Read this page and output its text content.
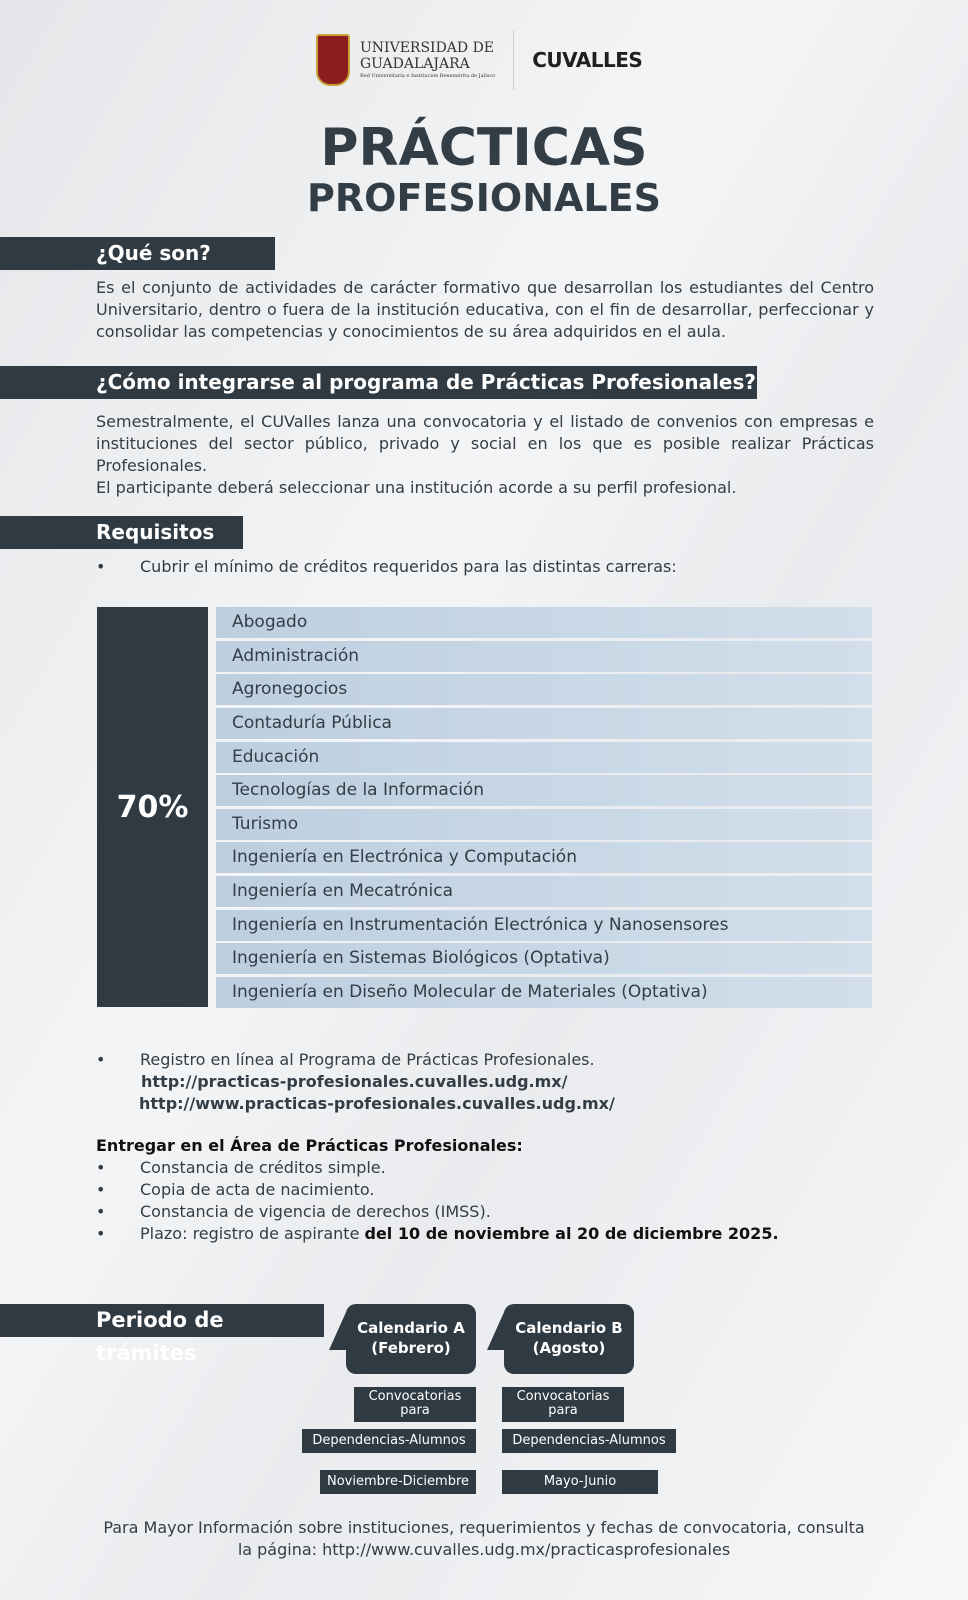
UNIVERSIDAD DE
GUADALAJARA
Red Universitaria e Institución Benemérita de Jalisco
CUVALLES
PRÁCTICAS
PROFESIONALES
¿Qué son?
Es el conjunto de actividades de carácter formativo que desarrollan los estudiantes del Centro Universitario, dentro o fuera de la institución educativa, con el fin de desarrollar, perfeccionar y consolidar las competencias y conocimientos de su área adquiridos en el aula.
¿Cómo integrarse al programa de Prácticas Profesionales?
Semestralmente, el CUValles lanza una convocatoria y el listado de convenios con empresas e instituciones del sector público, privado y social en los que es posible realizar Prácticas Profesionales.
El participante deberá seleccionar una institución acorde a su perfil profesional.
Requisitos
• Cubrir el mínimo de créditos requeridos para las distintas carreras:
70%
Abogado
Administración
Agronegocios
Contaduría Pública
Educación
Tecnologías de la Información
Turismo
Ingeniería en Electrónica y Computación
Ingeniería en Mecatrónica
Ingeniería en Instrumentación Electrónica y Nanosensores
Ingeniería en Sistemas Biológicos (Optativa)
Ingeniería en Diseño Molecular de Materiales (Optativa)
• Registro en línea al Programa de Prácticas Profesionales.
http://practicas-profesionales.cuvalles.udg.mx/
http://www.practicas-profesionales.cuvalles.udg.mx/
Entregar en el Área de Prácticas Profesionales:
• Constancia de créditos simple.
• Copia de acta de nacimiento.
• Constancia de vigencia de derechos (IMSS).
• Plazo: registro de aspirante del 10 de noviembre al 20 de diciembre 2025.
Periodo de trámites
Calendario A
(Febrero)
Calendario B
(Agosto)
Convocatorias
para
Dependencias-Alumnos
Noviembre-Diciembre
Convocatorias
para
Dependencias-Alumnos
Mayo-Junio
Para Mayor Información sobre instituciones, requerimientos y fechas de convocatoria, consulta
la página: http://www.cuvalles.udg.mx/practicasprofesionales
